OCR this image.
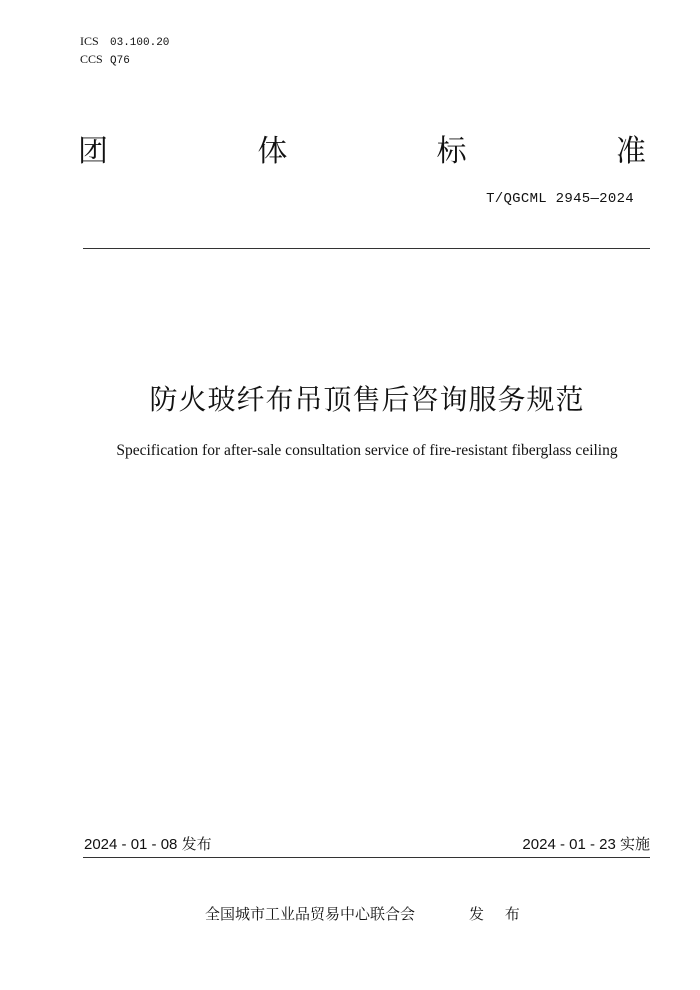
ICS 03.100.20
CCS Q76
团	体	标	准
T/QGCML 2945—2024
防火玻纤布吊顶售后咨询服务规范
Specification for after-sale consultation service of fire-resistant fiberglass ceiling
2024 - 01 - 08 发布	2024 - 01 - 23 实施
全国城市工业品贸易中心联合会	发 布
